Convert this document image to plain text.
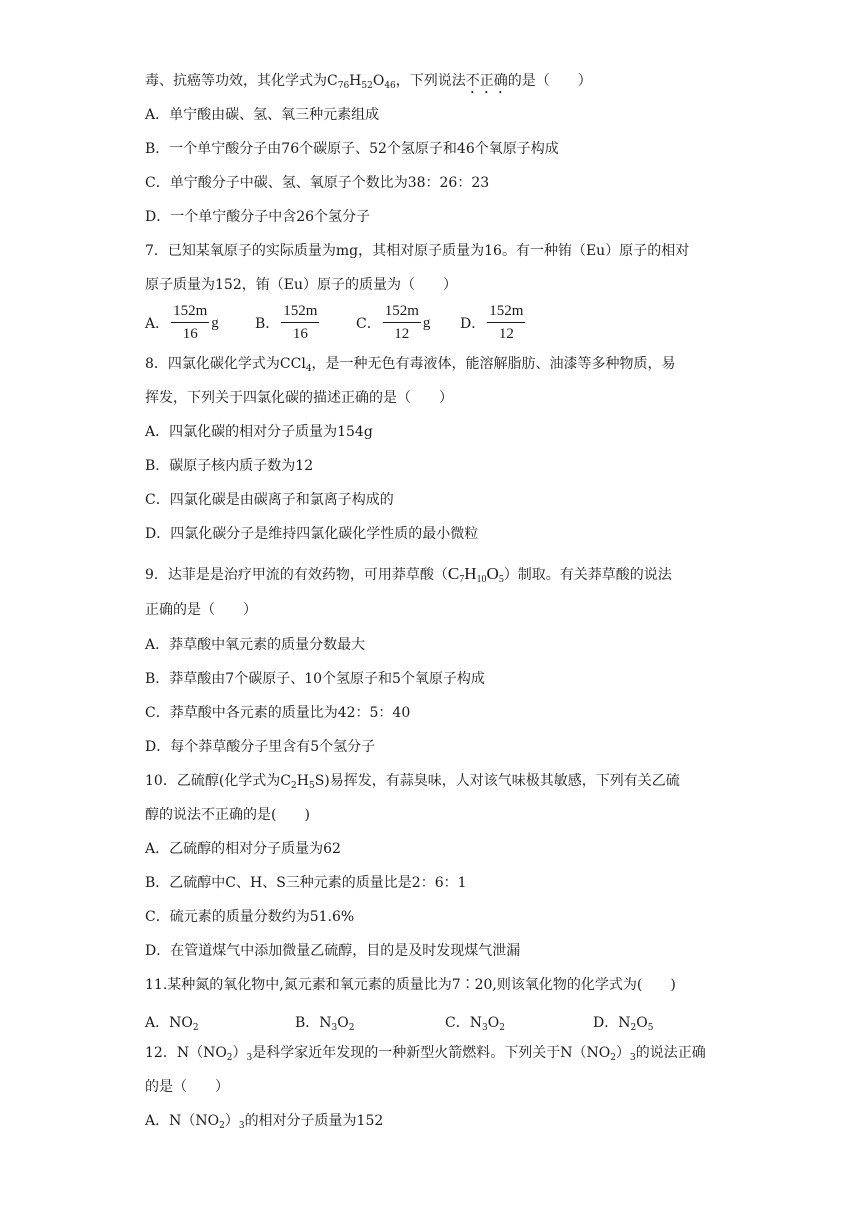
毒、抗癌等功效，其化学式为$C_{76}H_{52}O_{46}$，下列说法不正确的是（　　）
A．单宁酸由碳、氢、氧三种元素组成
B．一个单宁酸分子由76个碳原子、52个氢原子和46个氧原子构成
C．单宁酸分子中碳、氢、氧原子个数比为38：26：23
D．一个单宁酸分子中含26个氢分子
7．已知某氧原子的实际质量为mg，其相对原子质量为16。有一种铕（Eu）原子的相对
原子质量为152，铕（Eu）原子的质量为（　　）
A． $\frac{152m}{16}$ g	B． $\frac{152m}{16}$	C． $\frac{152m}{12}$ g D． $\frac{152m}{12}$
8．四氯化碳化学式为CCl$_4$，是一种无色有毒液体，能溶解脂肪、油漆等多种物质，易
挥发，下列关于四氯化碳的描述正确的是（　　）
A．四氯化碳的相对分子质量为154g
B．碳原子核内质子数为12
C．四氯化碳是由碳离子和氯离子构成的
D．四氯化碳分子是维持四氯化碳化学性质的最小微粒
9．达菲是是治疗甲流的有效药物，可用莽草酸$(C_7H_{10}O_5)$制取。有关莽草酸的说法
正确的是（　　）
A．莽草酸中氧元素的质量分数最大
B．莽草酸由7个碳原子、10个氢原子和5个氧原子构成
C．莽草酸中各元素的质量比为42：5：40
D．每个莽草酸分子里含有5个氢分子
10．乙硫醇(化学式为$C_2H_5S$)易挥发，有蒜臭味，人对该气味极其敏感，下列有关乙硫
醇的说法不正确的是(　　)
A．乙硫醇的相对分子质量为62
B．乙硫醇中C、H、S三种元素的质量比是2：6：1
C．硫元素的质量分数约为51.6%
D．在管道煤气中添加微量乙硫醇，目的是及时发现煤气泄漏
11.某种氮的氧化物中,氮元素和氧元素的质量比为7∶20,则该氧化物的化学式为(　　)
A．$NO_2$	B．$N_3O_2$	C．$N_3O_2$	D．$N_2O_5$
12．$N(NO_2)_3$是科学家近年发现的一种新型火箭燃料。下列关于$N(NO_2)_3$的说法正确
的是（　　）
A．$N(NO_2)_3$的相对分子质量为152
